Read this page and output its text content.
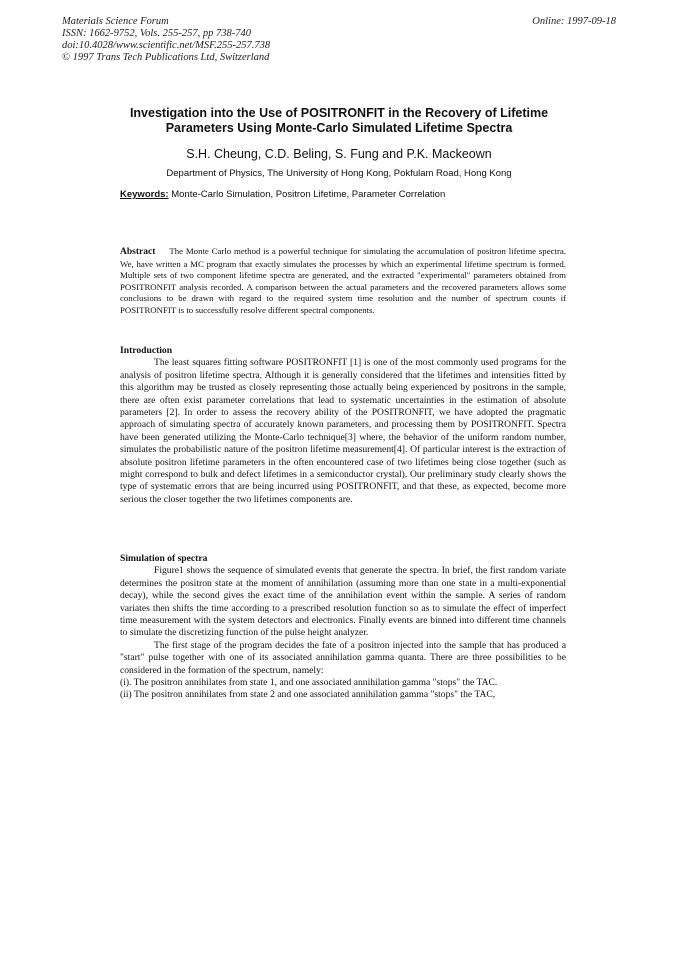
Materials Science Forum
ISSN: 1662-9752, Vols. 255-257, pp 738-740
doi:10.4028/www.scientific.net/MSF.255-257.738
© 1997 Trans Tech Publications Ltd, Switzerland
Online: 1997-09-18
Investigation into the Use of POSITRONFIT in the Recovery of Lifetime Parameters Using Monte-Carlo Simulated Lifetime Spectra
S.H. Cheung, C.D. Beling, S. Fung and P.K. Mackeown
Department of Physics, The University of Hong Kong, Pokfulam Road, Hong Kong
Keywords: Monte-Carlo Simulation, Positron Lifetime, Parameter Correlation
Abstract The Monte Carlo method is a powerful technique for simulating the accumulation of positron lifetime spectra. We, have written a MC program that exactly simulates the processes by which an experimental lifetime spectrum is formed. Multiple sets of two component lifetime spectra are generated, and the extracted "experimental" parameters obtained from POSITRONFIT analysis recorded. A comparison between the actual parameters and the recovered parameters allows some conclusions to be drawn with regard to the required system time resolution and the number of spectrum counts if POSITRONFIT is to successfully resolve different spectral components.
Introduction
The least squares fitting software POSITRONFIT [1] is one of the most commonly used programs for the analysis of positron lifetime spectra. Although it is generally considered that the lifetimes and intensities fitted by this algorithm may be trusted as closely representing those actually being experienced by positrons in the sample, there are often exist parameter correlations that lead to systematic uncertainties in the estimation of absolute parameters [2]. In order to assess the recovery ability of the POSITRONFIT, we have adopted the pragmatic approach of simulating spectra of accurately known parameters, and processing them by POSITRONFIT. Spectra have been generated utilizing the Monte-Carlo technique[3] where, the behavior of the uniform random number, simulates the probabilistic nature of the positron lifetime measurement[4]. Of particular interest is the extraction of absolute positron lifetime parameters in the often encountered case of two lifetimes being close together (such as might correspond to bulk and defect lifetimes in a semiconductor crystal). Our preliminary study clearly shows the type of systematic errors that are being incurred using POSITRONFIT, and that these, as expected, become more serious the closer together the two lifetimes components are.
Simulation of spectra
Figure1 shows the sequence of simulated events that generate the spectra. In brief, the first random variate determines the positron state at the moment of annihilation (assuming more than one state in a multi-exponential decay), while the second gives the exact time of the annihilation event within the sample. A series of random variates then shifts the time according to a prescribed resolution function so as to simulate the effect of imperfect time measurement with the system detectors and electronics. Finally events are binned into different time channels to simulate the discretizing function of the pulse height analyzer.
The first stage of the program decides the fate of a positron injected into the sample that has produced a "start" pulse together with one of its associated annihilation gamma quanta. There are three possibilities to be considered in the formation of the spectrum, namely:
(i). The positron annihilates from state 1, and one associated annihilation gamma "stops" the TAC.
(ii) The positron annihilates from state 2 and one associated annihilation gamma "stops" the TAC,
